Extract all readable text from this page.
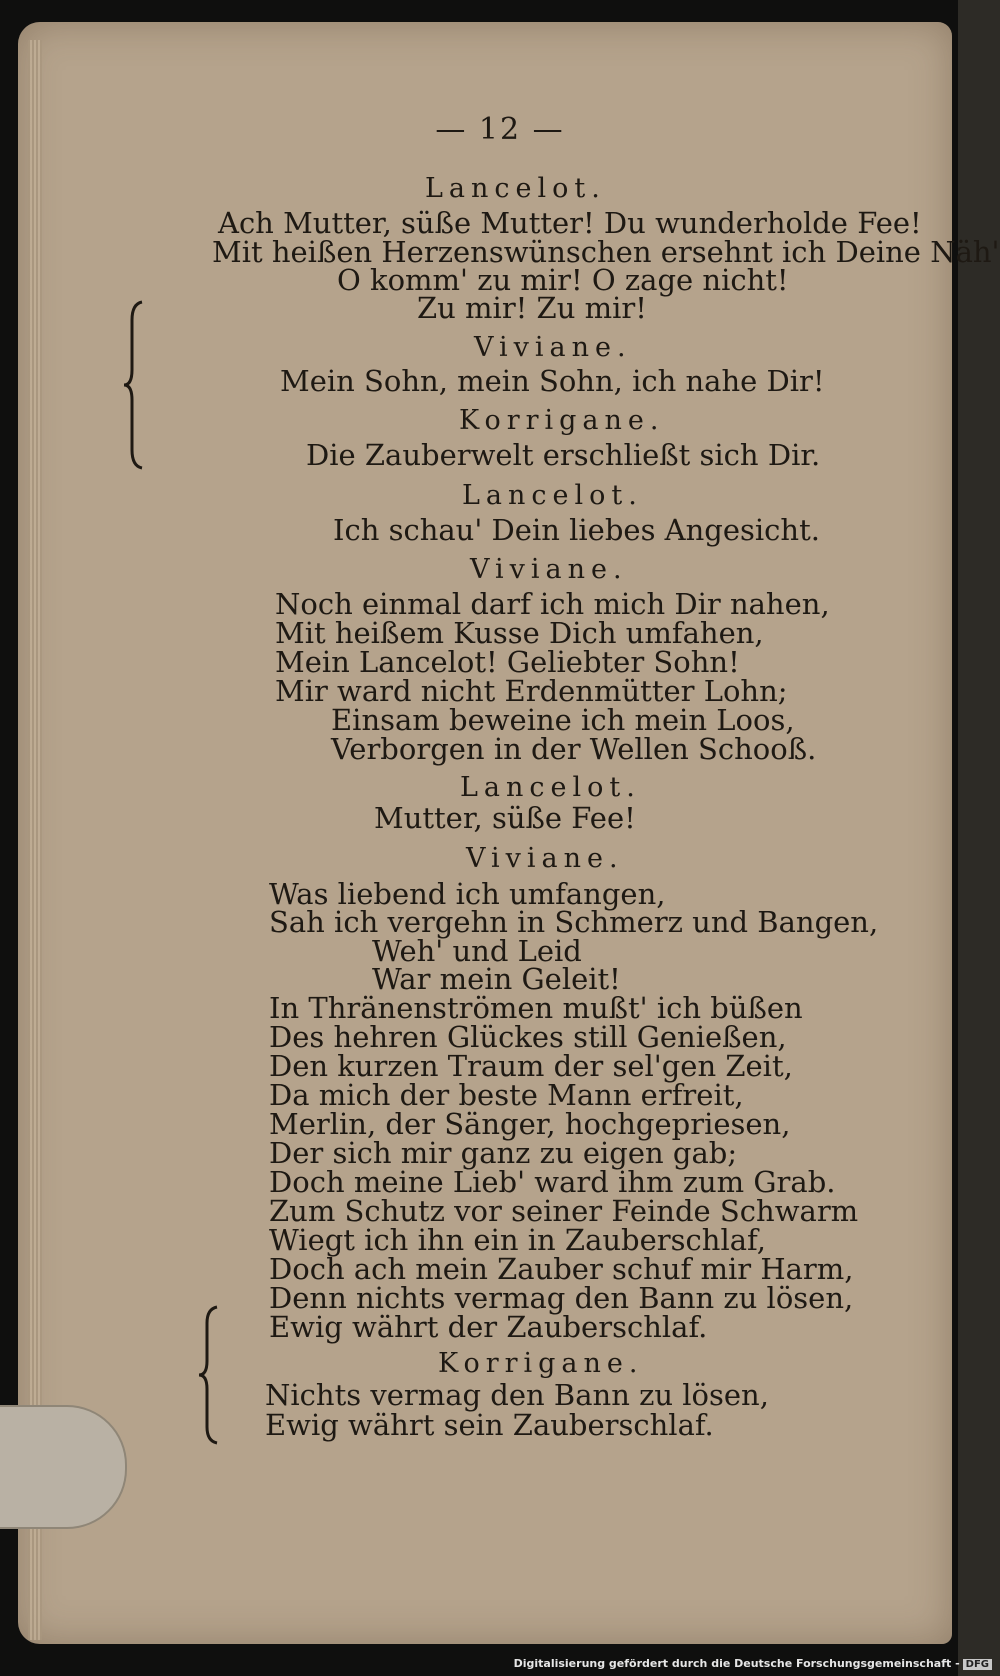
— 12 —
Lancelot.
Ach Mutter, süße Mutter! Du wunderholde Fee!
Mit heißen Herzenswünschen ersehnt ich Deine Näh'
O komm' zu mir! O zage nicht!
Zu mir! Zu mir!
Viviane.
Mein Sohn, mein Sohn, ich nahe Dir!
Korrigane.
Die Zauberwelt erschließt sich Dir.
Lancelot.
Ich schau' Dein liebes Angesicht.
Viviane.
Noch einmal darf ich mich Dir nahen,
Mit heißem Kusse Dich umfahen,
Mein Lancelot! Geliebter Sohn!
Mir ward nicht Erdenmütter Lohn;
Einsam beweine ich mein Loos,
Verborgen in der Wellen Schooß.
Lancelot.
Mutter, süße Fee!
Viviane.
Was liebend ich umfangen,
Sah ich vergehn in Schmerz und Bangen,
Weh' und Leid
War mein Geleit!
In Thränenströmen mußt' ich büßen
Des hehren Glückes still Genießen,
Den kurzen Traum der sel'gen Zeit,
Da mich der beste Mann erfreit,
Merlin, der Sänger, hochgepriesen,
Der sich mir ganz zu eigen gab;
Doch meine Lieb' ward ihm zum Grab.
Zum Schutz vor seiner Feinde Schwarm
Wiegt ich ihn ein in Zauberschlaf,
Doch ach mein Zauber schuf mir Harm,
Denn nichts vermag den Bann zu lösen,
Ewig währt der Zauberschlaf.
Korrigane.
Nichts vermag den Bann zu lösen,
Ewig währt sein Zauberschlaf.
Digitalisierung gefördert durch die Deutsche Forschungsgemeinschaft - DFG
